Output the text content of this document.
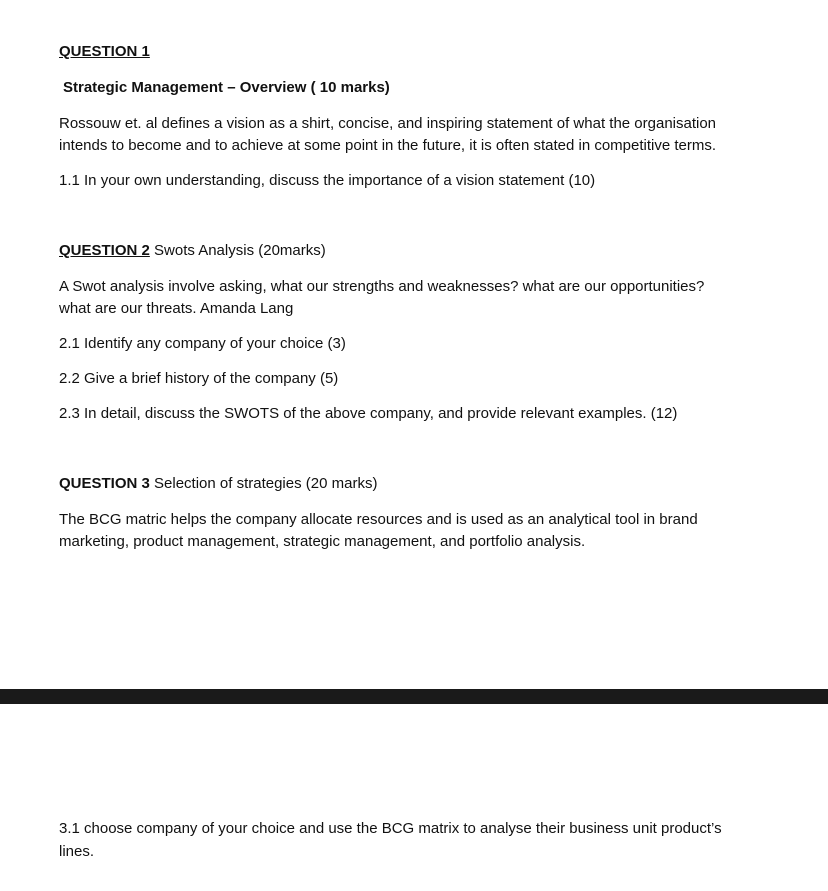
QUESTION 1
Strategic Management – Overview ( 10 marks)
Rossouw et. al defines a vision as a shirt, concise, and inspiring statement of what the organisation
intends to become and to achieve at some point in the future, it is often stated in competitive terms.
1.1 In your own understanding, discuss the importance of a vision statement (10)
QUESTION 2 Swots Analysis (20marks)
A Swot analysis involve asking, what our strengths and weaknesses? what are our opportunities?
what are our threats. Amanda Lang
2.1 Identify any company of your choice (3)
2.2 Give a brief history of the company (5)
2.3 In detail, discuss the SWOTS of the above company, and provide relevant examples. (12)
QUESTION 3 Selection of strategies (20 marks)
The BCG matric helps the company allocate resources and is used as an analytical tool in brand
marketing, product management, strategic management, and portfolio analysis.
3.1 choose company of your choice and use the BCG matrix to analyse their business unit product’s
lines.
